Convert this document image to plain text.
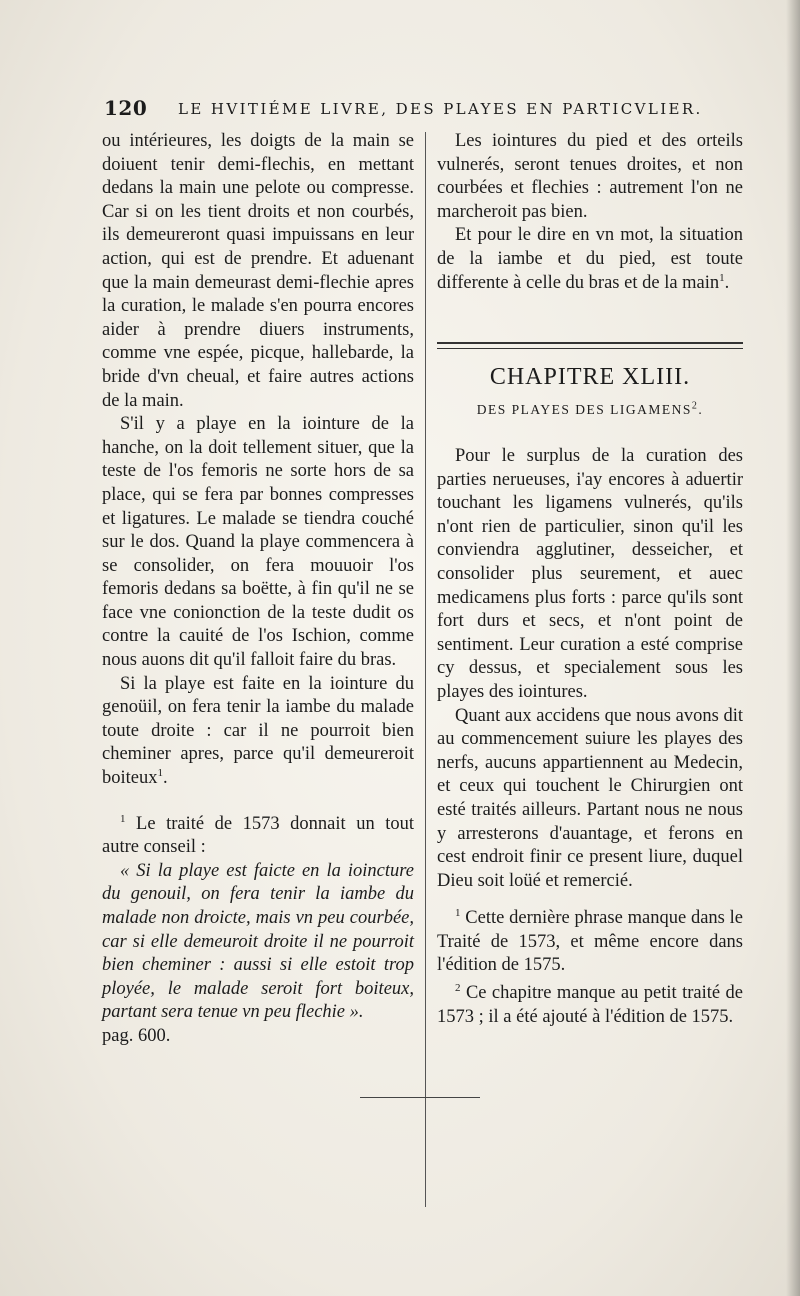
120 LE HVITIÉME LIVRE, DES PLAYES EN PARTICVLIER.

ou intérieures, les doigts de la main se doiuent tenir demi-flechis, en mettant dedans la main une pelote ou compresse. Car si on les tient droits et non courbés, ils demeureront quasi impuissans en leur action, qui est de prendre. Et aduenant que la main demeurast demi-flechie apres la curation, le malade s'en pourra encores aider à prendre diuers instruments, comme vne espée, picque, hallebarde, la bride d'vn cheual, et faire autres actions de la main.

S'il y a playe en la iointure de la hanche, on la doit tellement situer, que la teste de l'os femoris ne sorte hors de sa place, qui se fera par bonnes compresses et ligatures. Le malade se tiendra couché sur le dos. Quand la playe commencera à se consolider, on fera mouuoir l'os femoris dedans sa boëtte, à fin qu'il ne se face vne conionction de la teste dudit os contre la cauité de l'os Ischion, comme nous auons dit qu'il falloit faire du bras.

Si la playe est faite en la iointure du genoüil, on fera tenir la iambe du malade toute droite : car il ne pourroit bien cheminer apres, parce qu'il demeureroit boiteux$^1$.

$^1$ Le traité de 1573 donnait un tout autre conseil :

« Si la playe est faicte en la ioincture du genouil, on fera tenir la iambe du malade non droicte, mais vn peu courbée, car si elle demeuroit droite il ne pourroit bien cheminer : aussi si elle estoit trop ployée, le malade seroit fort boiteux, partant sera tenue vn peu flechie ».

pag. 600.

Les iointures du pied et des orteils vulnerés, seront tenues droites, et non courbées et flechies : autrement l'on ne marcheroit pas bien.

Et pour le dire en vn mot, la situation de la iambe et du pied, est toute differente à celle du bras et de la main$^1$.

CHAPITRE XLIII.
DES PLAYES DES LIGAMENS$^2$.

Pour le surplus de la curation des parties nerueuses, i'ay encores à aduertir touchant les ligamens vulnerés, qu'ils n'ont rien de particulier, sinon qu'il les conviendra agglutiner, desseicher, et consolider plus seurement, et auec medicamens plus forts : parce qu'ils sont fort durs et secs, et n'ont point de sentiment. Leur curation a esté comprise cy dessus, et specialement sous les playes des iointures.

Quant aux accidens que nous avons dit au commencement suiure les playes des nerfs, aucuns appartiennent au Medecin, et ceux qui touchent le Chirurgien ont esté traités ailleurs. Partant nous ne nous y arresterons d'auantage, et ferons en cest endroit finir ce present liure, duquel Dieu soit loüé et remercié.

$^1$ Cette dernière phrase manque dans le Traité de 1573, et même encore dans l'édition de 1575.

$^2$ Ce chapitre manque au petit traité de 1573 ; il a été ajouté à l'édition de 1575.
